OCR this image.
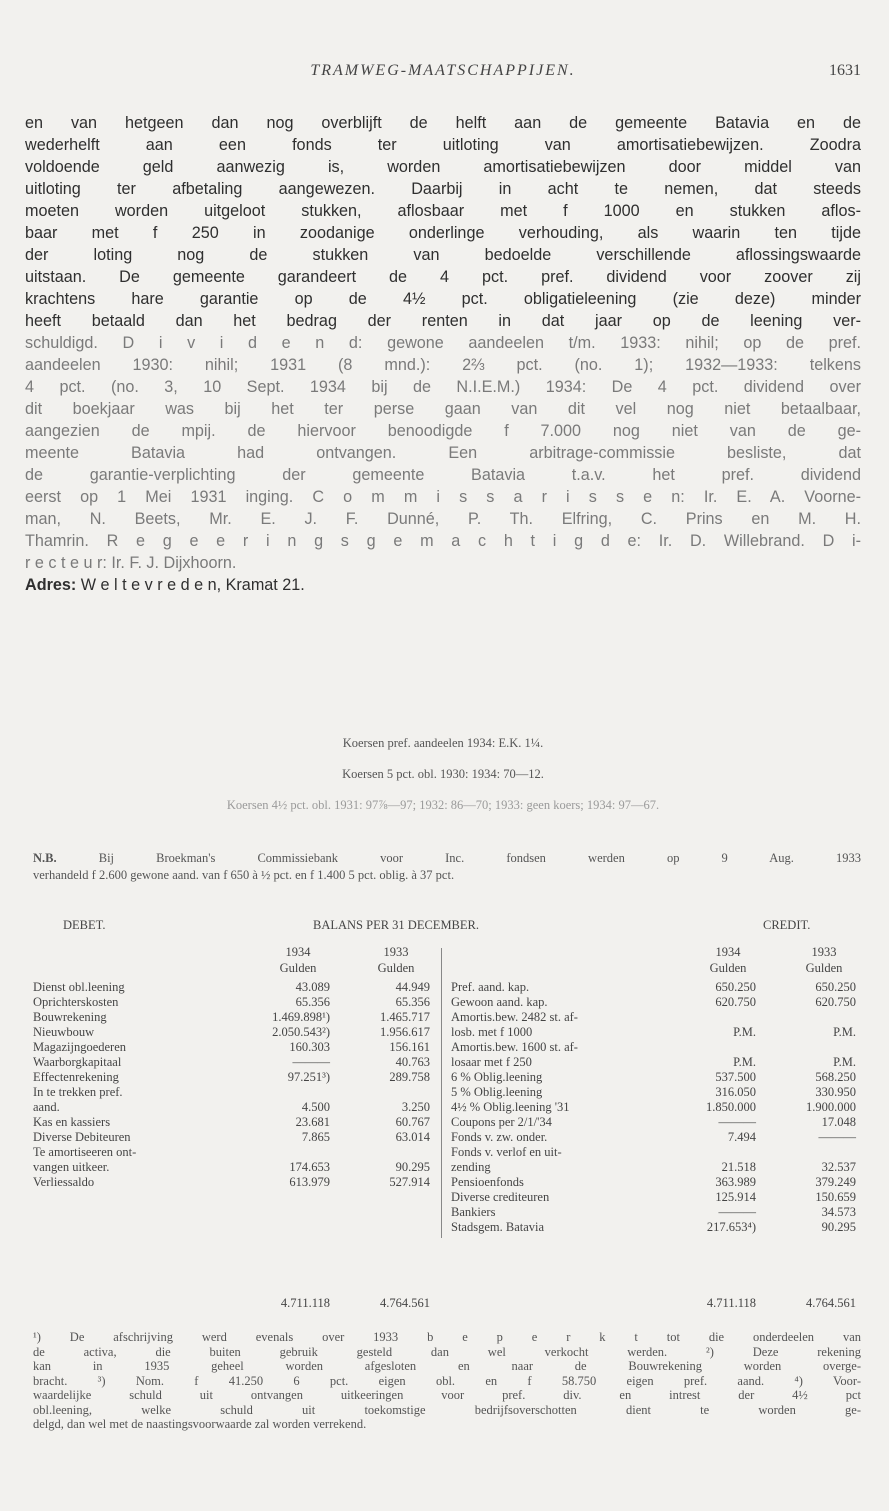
TRAMWEG-MAATSCHAPPIJEN.	1631
en van hetgeen dan nog overblijft de helft aan de gemeente Batavia en de
wederhelft aan een fonds ter uitloting van amortisatiebewijzen. Zoodra
voldoende geld aanwezig is, worden amortisatiebewijzen door middel van
uitloting ter afbetaling aangewezen. Daarbij in acht te nemen, dat steeds
moeten worden uitgeloot stukken, aflosbaar met f 1000 en stukken aflos-
baar met f 250 in zoodanige onderlinge verhouding, als waarin ten tijde
der loting nog de stukken van bedoelde verschillende aflossingswaarde
uitstaan. De gemeente garandeert de 4 pct. pref. dividend voor zoover zij
krachtens hare garantie op de 4½ pct. obligatieleening (zie deze) minder
heeft betaald dan het bedrag der renten in dat jaar op de leening ver-
schuldigd. D i v i d e n d: gewone aandeelen t/m. 1933: nihil; op de pref.
aandeelen 1930: nihil; 1931 (8 mnd.): 2⅔ pct. (no. 1); 1932—1933: telkens
4 pct. (no. 3, 10 Sept. 1934 bij de N.I.E.M.) 1934: De 4 pct. dividend over
dit boekjaar was bij het ter perse gaan van dit vel nog niet betaalbaar,
aangezien de mpij. de hiervoor benoodigde f 7.000 nog niet van de ge-
meente Batavia had ontvangen. Een arbitrage-commissie besliste, dat
de garantie-verplichting der gemeente Batavia t.a.v. het pref. dividend
eerst op 1 Mei 1931 inging. C o m m i s s a r i s s e n: Ir. E. A. Voorne-
man, N. Beets, Mr. E. J. F. Dunné, P. Th. Elfring, C. Prins en M. H.
Thamrin. R e g e e r i n g s g e m a c h t i g d e: Ir. D. Willebrand. D i-
r e c t e u r: Ir. F. J. Dijxhoorn.
Adres: W e l t e v r e d e n, Kramat 21.
Koersen pref. aandeelen 1934: E.K. 1¼.
Koersen 5 pct. obl. 1930: 1934: 70—12.
Koersen 4½ pct. obl. 1931: 97⅞—97; 1932: 86—70; 1933: geen koers; 1934: 97—67.
N.B.	Bij Broekman's Commissiebank voor Inc. fondsen werden op 9 Aug. 1933
verhandeld f 2.600 gewone aand. van f 650 à ½ pct. en f 1.400 5 pct. oblig. à 37 pct.
DEBET.	BALANS PER 31 DECEMBER.	CREDIT.
1934
Gulden
1933
Gulden
1934
Gulden
1933
Gulden
Dienst obl.leening	43.089	44.949
Oprichterskosten	65.356	65.356
Bouwrekening	1.469.898¹)	1.465.717
Nieuwbouw	2.050.543²)	1.956.617
Magazijngoederen	160.303	156.161
Waarborgkapitaal	———	40.763
Effectenrekening	97.251³)	289.758
In te trekken pref.
aand.	4.500	3.250
Kas en kassiers	23.681	60.767
Diverse Debiteuren	7.865	63.014
Te amortiseeren ont-
vangen uitkeer.	174.653	90.295
Verliessaldo	613.979	527.914
Pref. aand. kap.	650.250	650.250
Gewoon aand. kap.	620.750	620.750
Amortis.bew. 2482 st. af-
losb. met f 1000	P.M.	P.M.
Amortis.bew. 1600 st. af-
losaar met f 250	P.M.	P.M.
6 % Oblig.leening	537.500	568.250
5 % Oblig.leening	316.050	330.950
4½ % Oblig.leening '31	1.850.000	1.900.000
Coupons per 2/1/'34	———	17.048
Fonds v. zw. onder.	7.494	———
Fonds v. verlof en uit-
zending	21.518	32.537
Pensioenfonds	363.989	379.249
Diverse crediteuren	125.914	150.659
Bankiers	———	34.573
Stadsgem. Batavia	217.653⁴)	90.295
4.711.118	4.764.561	4.711.118	4.764.561
¹) De afschrijving werd evenals over 1933 b e p e r k t tot die onderdeelen van
de activa, die buiten gebruik gesteld dan wel verkocht werden. ²) Deze rekening
kan in 1935 geheel worden afgesloten en naar de Bouwrekening worden overge-
bracht. ³) Nom. f 41.250 6 pct. eigen obl. en f 58.750 eigen pref. aand. ⁴) Voor-
waardelijke schuld uit ontvangen uitkeeringen voor pref. div. en intrest der 4½ pct
obl.leening, welke schuld uit toekomstige bedrijfsoverschotten dient te worden ge-
delgd, dan wel met de naastingsvoorwaarde zal worden verrekend.
